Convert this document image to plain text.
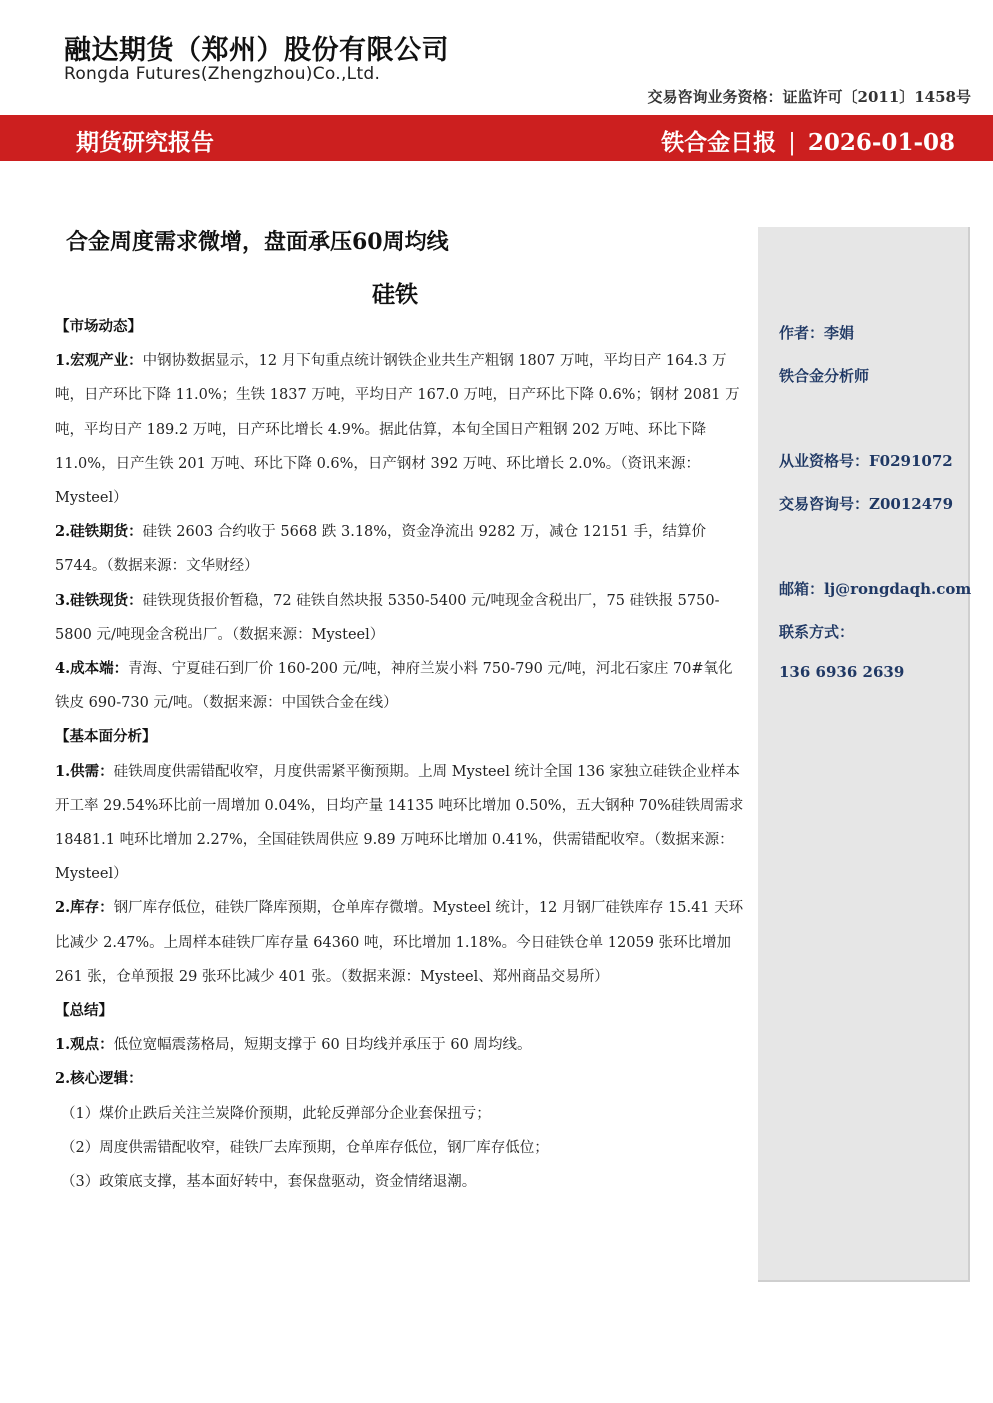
融达期货（郑州）股份有限公司
Rongda Futures(Zhengzhou)Co.,Ltd.
交易咨询业务资格：证监许可〔2011〕1458号
期货研究报告	铁合金日报 | 2026-01-08
合金周度需求微增，盘面承压60周均线
硅铁

【市场动态】

1.宏观产业：中钢协数据显示，12 月下旬重点统计钢铁企业共生产粗钢 1807 万吨，平均日产 164.3 万吨，日产环比下降 11.0%；生铁 1837 万吨，平均日产 167.0 万吨，日产环比下降 0.6%；钢材 2081 万吨，平均日产 189.2 万吨，日产环比增长 4.9%。据此估算，本旬全国日产粗钢 202 万吨、环比下降 11.0%，日产生铁 201 万吨、环比下降 0.6%，日产钢材 392 万吨、环比增长 2.0%。（资讯来源：Mysteel）

2.硅铁期货：硅铁 2603 合约收于 5668 跌 3.18%，资金净流出 9282 万，减仓 12151 手，结算价 5744。（数据来源：文华财经）

3.硅铁现货：硅铁现货报价暂稳，72 硅铁自然块报 5350-5400 元/吨现金含税出厂，75 硅铁报 5750-5800 元/吨现金含税出厂。（数据来源：Mysteel）

4.成本端：青海、宁夏硅石到厂价 160-200 元/吨，神府兰炭小料 750-790 元/吨，河北石家庄 70#氧化铁皮 690-730 元/吨。（数据来源：中国铁合金在线）

【基本面分析】

1.供需：硅铁周度供需错配收窄，月度供需紧平衡预期。上周 Mysteel 统计全国 136 家独立硅铁企业样本开工率 29.54%环比前一周增加 0.04%，日均产量 14135 吨环比增加 0.50%，五大钢种 70%硅铁周需求 18481.1 吨环比增加 2.27%，全国硅铁周供应 9.89 万吨环比增加 0.41%，供需错配收窄。（数据来源：Mysteel）

2.库存：钢厂库存低位，硅铁厂降库预期，仓单库存微增。Mysteel 统计，12 月钢厂硅铁库存 15.41 天环比减少 2.47%。上周样本硅铁厂库存量 64360 吨，环比增加 1.18%。今日硅铁仓单 12059 张环比增加 261 张，仓单预报 29 张环比减少 401 张。（数据来源：Mysteel、郑州商品交易所）

【总结】

1.观点：低位宽幅震荡格局，短期支撑于 60 日均线并承压于 60 周均线。

2.核心逻辑：

（1）煤价止跌后关注兰炭降价预期，此轮反弹部分企业套保扭亏；

（2）周度供需错配收窄，硅铁厂去库预期，仓单库存低位，钢厂库存低位；

（3）政策底支撑，基本面好转中，套保盘驱动，资金情绪退潮。

作者：李娟
铁合金分析师
从业资格号：F0291072
交易咨询号：Z0012479
邮箱：lj@rongdaqh.com
联系方式：
136 6936 2639
